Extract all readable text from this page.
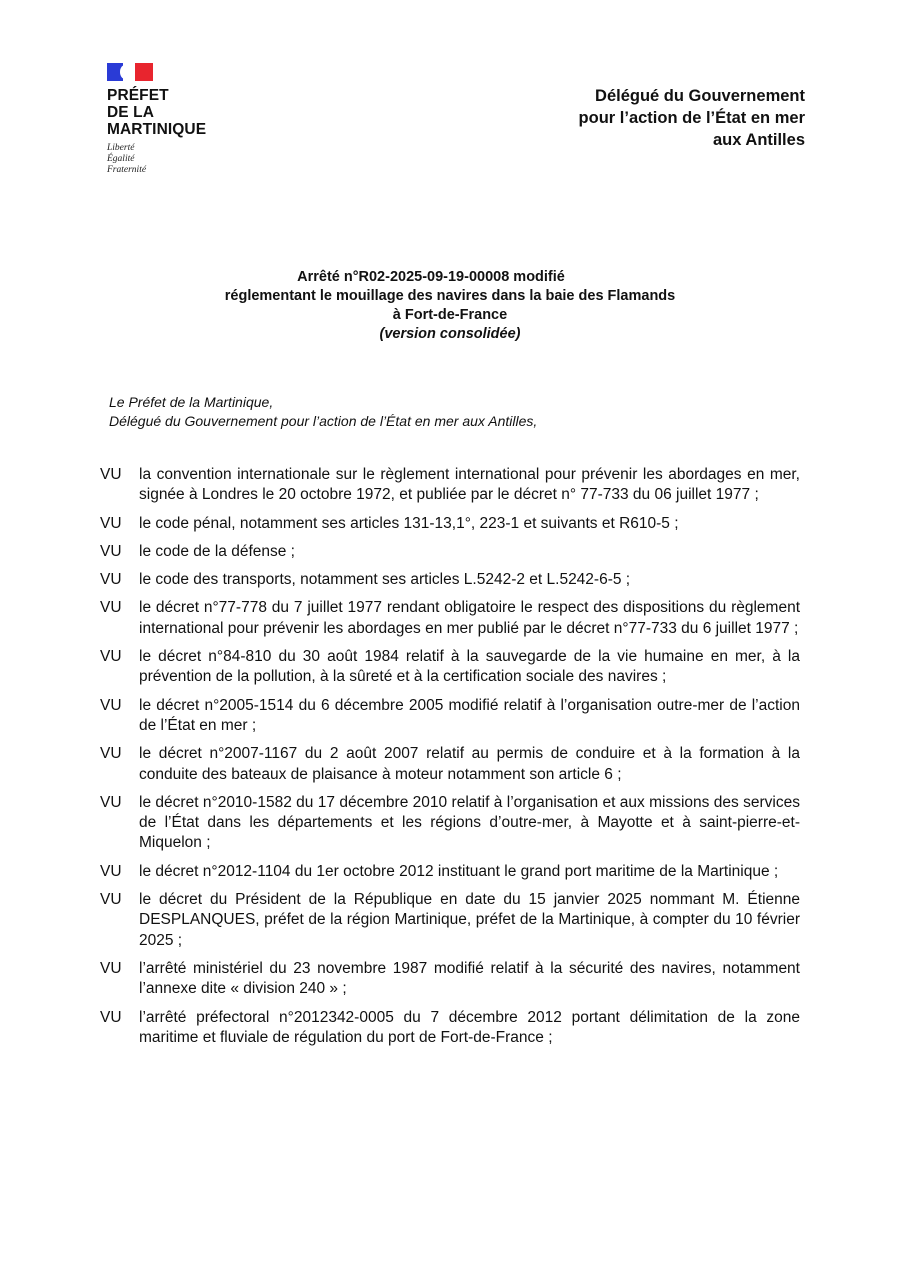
PRÉFET
DE LA
MARTINIQUE
Liberté
Égalité
Fraternité
Délégué du Gouvernement
pour l’action de l’État en mer
aux Antilles
Arrêté n°R02-2025-09-19-00008 modifié
réglementant le mouillage des navires dans la baie des Flamands
à Fort-de-France
(version consolidée)
Le Préfet de la Martinique,
Délégué du Gouvernement pour l’action de l’État en mer aux Antilles,
VU	la convention internationale sur le règlement international pour prévenir les abordages en mer, signée à Londres le 20 octobre 1972, et publiée par le décret n° 77-733 du 06 juillet 1977 ;
VU	le code pénal, notamment ses articles 131-13,1°, 223-1 et suivants et R610-5 ;
VU	le code de la défense ;
VU	le code des transports, notamment ses articles L.5242-2 et L.5242-6-5 ;
VU	le décret n°77-778 du 7 juillet 1977 rendant obligatoire le respect des dispositions du règlement international pour prévenir les abordages en mer publié par le décret n°77-733 du 6 juillet 1977 ;
VU	le décret n°84-810 du 30 août 1984 relatif à la sauvegarde de la vie humaine en mer, à la prévention de la pollution, à la sûreté et à la certification sociale des navires ;
VU	le décret n°2005-1514 du 6 décembre 2005 modifié relatif à l’organisation outre-mer de l’action de l’État en mer ;
VU	le décret n°2007-1167 du 2 août 2007 relatif au permis de conduire et à la formation à la conduite des bateaux de plaisance à moteur notamment son article 6 ;
VU	le décret n°2010-1582 du 17 décembre 2010 relatif à l’organisation et aux missions des services de l’État dans les départements et les régions d’outre-mer, à Mayotte et à saint-pierre-et-Miquelon ;
VU	le décret n°2012-1104 du 1er octobre 2012 instituant le grand port maritime de la Martinique ;
VU	le décret du Président de la République en date du 15 janvier 2025 nommant M. Étienne DESPLANQUES, préfet de la région Martinique, préfet de la Martinique, à compter du 10 février 2025 ;
VU	l’arrêté ministériel du 23 novembre 1987 modifié relatif à la sécurité des navires, notamment l’annexe dite « division 240 » ;
VU	l’arrêté préfectoral n°2012342-0005 du 7 décembre 2012 portant délimitation de la zone maritime et fluviale de régulation du port de Fort-de-France ;
